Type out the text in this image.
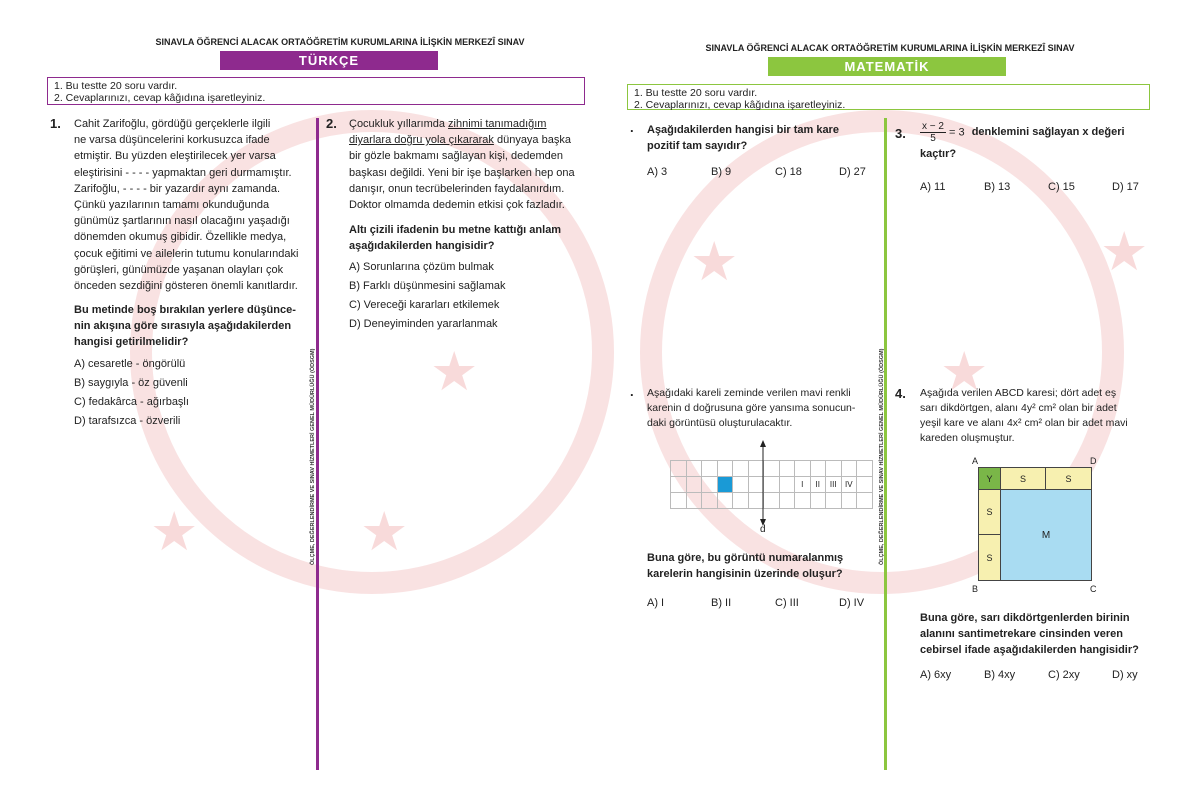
★
★
★
★
★
★
SINAVLA ÖĞRENCİ ALACAK ORTAÖĞRETİM KURUMLARINA İLİŞKİN MERKEZÎ SINAV
TÜRKÇE
1. Bu testte 20 soru vardır.
2. Cevaplarınızı, cevap kâğıdına işaretleyiniz.
ÖLÇME, DEĞERLENDİRME VE SINAV HİZMETLERİ GENEL MÜDÜRLÜĞÜ (ÖDSGM)
1. Cahit Zarifoğlu, gördüğü gerçeklerle ilgili
ne varsa düşüncelerini korkusuzca ifade
etmiştir. Bu yüzden eleştirilecek yer varsa
eleştirisini - - - - yapmaktan geri durmamıştır.
Zarifoğlu, - - - - bir yazardır aynı zamanda.
Çünkü yazılarının tamamı okunduğunda
günümüz şartlarının nasıl olacağını yaşadığı
dönemden okumuş gibidir. Özellikle medya,
çocuk eğitimi ve ailelerin tutumu konularındaki
görüşleri, günümüzde yaşanan olayları çok
önceden sezdiğini gösteren önemli kanıtlardır.
Bu metinde boş bırakılan yerlere düşünce-
nin akışına göre sırasıyla aşağıdakilerden
hangisi getirilmelidir?
A) cesaretle - öngörülü
B) saygıyla - öz güvenli
C) fedakârca - ağırbaşlı
D) tarafsızca - özverili
2. Çocukluk yıllarımda zihnimi tanımadığım
diyarlara doğru yola çıkararak dünyaya başka
bir gözle bakmamı sağlayan kişi, dedemden
başkası değildi. Yeni bir işe başlarken hep ona
danışır, onun tecrübelerinden faydalanırdım.
Doktor olmamda dedemin etkisi çok fazladır.
Altı çizili ifadenin bu metne kattığı anlam
aşağıdakilerden hangisidir?
A) Sorunlarına çözüm bulmak
B) Farklı düşünmesini sağlamak
C) Vereceği kararları etkilemek
D) Deneyiminden yararlanmak
SINAVLA ÖĞRENCİ ALACAK ORTAÖĞRETİM KURUMLARINA İLİŞKİN MERKEZÎ SINAV
MATEMATİK
1. Bu testte 20 soru vardır.
2. Cevaplarınızı, cevap kâğıdına işaretleyiniz.
ÖLÇME, DEĞERLENDİRME VE SINAV HİZMETLERİ GENEL MÜDÜRLÜĞÜ (ÖDSGM)
. Aşağıdakilerden hangisi bir tam kare
pozitif tam sayıdır?
A) 3	B) 9	C) 18	D) 27
3. $\frac{x - 2}{5} = 3$ denklemini sağlayan x değeri
kaçtır?
A) 11	B) 13	C) 15	D) 17
. Aşağıdaki kareli zeminde verilen mavi renkli
karenin d doğrusuna göre yansıma sonucun-
daki görüntüsü oluşturulacaktır.

								I	II	III	IV	

d
Buna göre, bu görüntü numaralanmış
karelerin hangisinin üzerinde oluşur?
A) I	B) II	C) III	D) IV
4. Aşağıda verilen ABCD karesi; dört adet eş
sarı dikdörtgen, alanı 4y² cm² olan bir adet
yeşil kare ve alanı 4x² cm² olan bir adet mavi
kareden oluşmuştur.
A	D
B	C
Y	S	S
S
S
M
Buna göre, sarı dikdörtgenlerden birinin
alanını santimetrekare cinsinden veren
cebirsel ifade aşağıdakilerden hangisidir?
A) 6xy	B) 4xy	C) 2xy	D) xy
